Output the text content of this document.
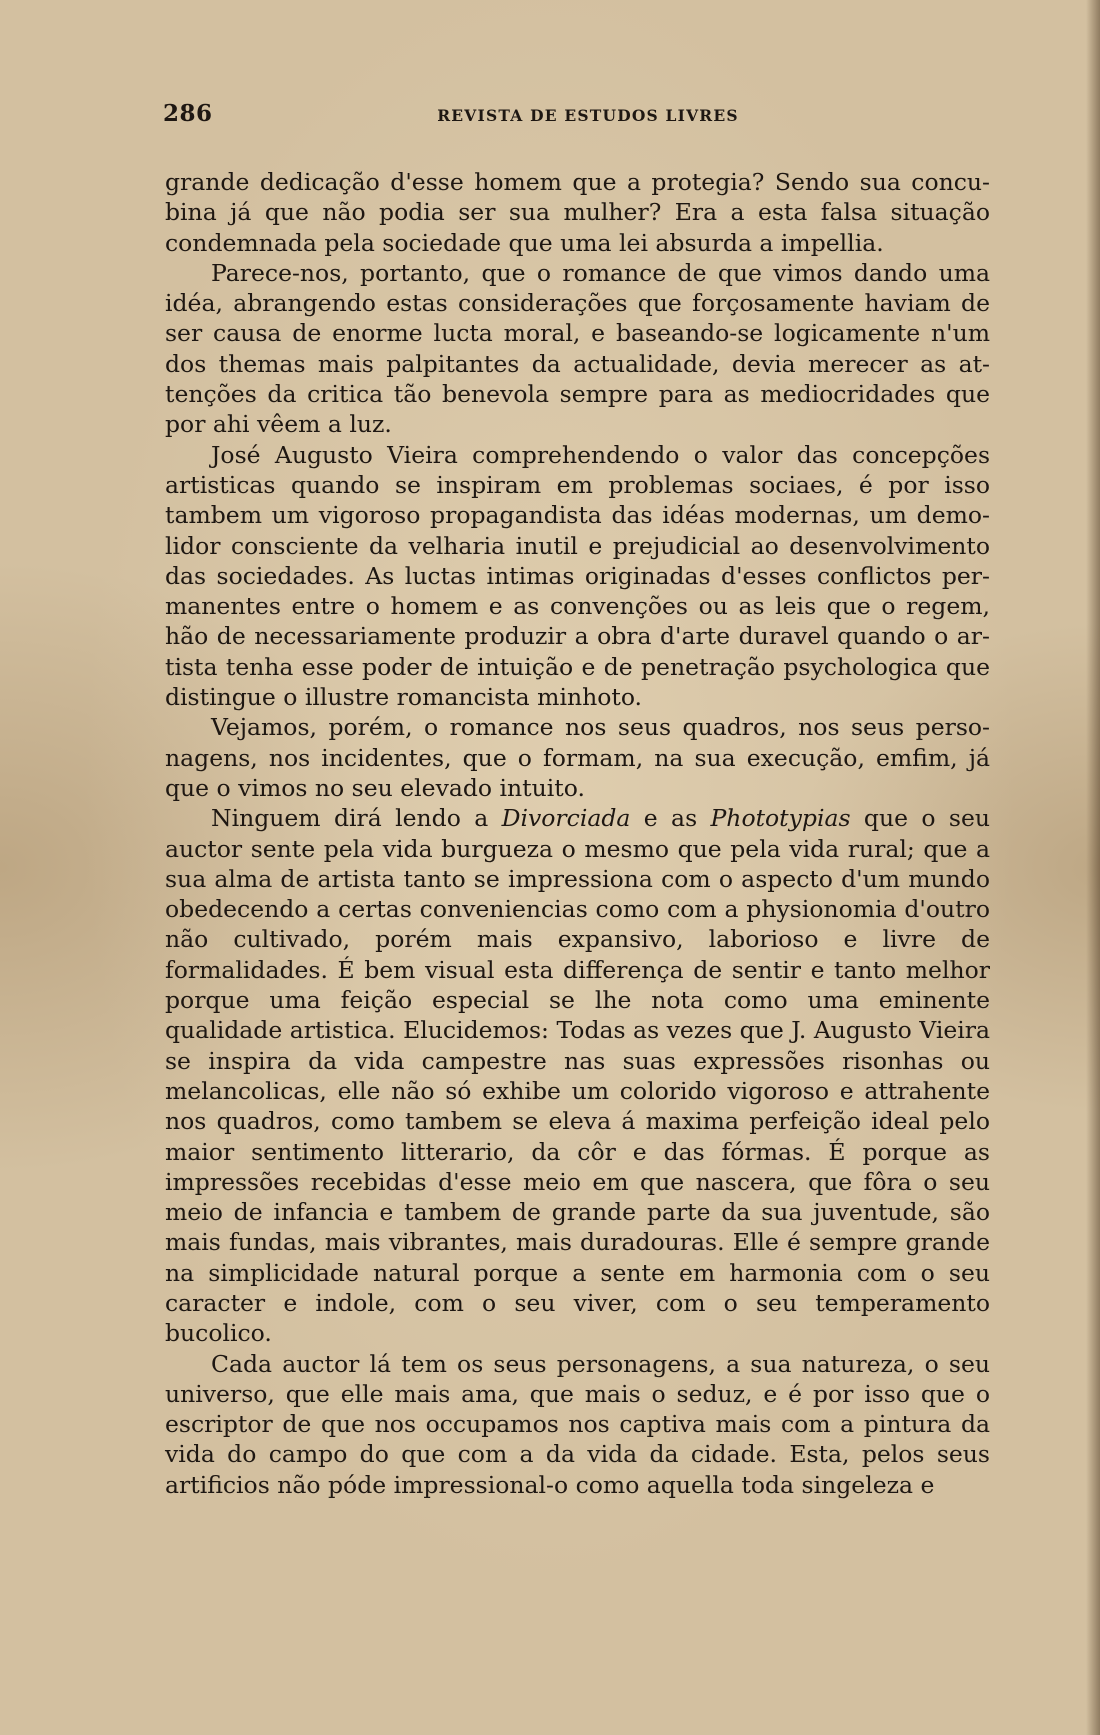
286	REVISTA DE ESTUDOS LIVRES

grande dedicação d'esse homem que a protegia? Sendo sua concubina já que não podia ser sua mulher? Era a esta falsa situação condemnada pela sociedade que uma lei absurda a impellia.

Parece-nos, portanto, que o romance de que vimos dando uma idéa, abrangendo estas considerações que forçosamente haviam de ser causa de enorme lucta moral, e baseando-se logicamente n'um dos themas mais palpitantes da actualidade, devia merecer as attenções da critica tão benevola sempre para as mediocridades que por ahi vêem a luz.

José Augusto Vieira comprehendendo o valor das concepções artisticas quando se inspiram em problemas sociaes, é por isso tambem um vigoroso propagandista das idéas modernas, um demolidor consciente da velharia inutil e prejudicial ao desenvolvimento das sociedades. As luctas intimas originadas d'esses conflictos permanentes entre o homem e as convenções ou as leis que o regem, hão de necessariamente produzir a obra d'arte duravel quando o artista tenha esse poder de intuição e de penetração psychologica que distingue o illustre romancista minhoto.

Vejamos, porém, o romance nos seus quadros, nos seus personagens, nos incidentes, que o formam, na sua execução, emfim, já que o vimos no seu elevado intuito.

Ninguem dirá lendo a Divorciada e as Phototypias que o seu auctor sente pela vida burgueza o mesmo que pela vida rural; que a sua alma de artista tanto se impressiona com o aspecto d'um mundo obedecendo a certas conveniencias como com a physionomia d'outro não cultivado, porém mais expansivo, laborioso e livre de formalidades. É bem visual esta differença de sentir e tanto melhor porque uma feição especial se lhe nota como uma eminente qualidade artistica. Elucidemos: Todas as vezes que J. Augusto Vieira se inspira da vida campestre nas suas expressões risonhas ou melancolicas, elle não só exhibe um colorido vigoroso e attrahente nos quadros, como tambem se eleva á maxima perfeição ideal pelo maior sentimento litterario, da côr e das fórmas. É porque as impressões recebidas d'esse meio em que nascera, que fôra o seu meio de infancia e tambem de grande parte da sua juventude, são mais fundas, mais vibrantes, mais duradouras. Elle é sempre grande na simplicidade natural porque a sente em harmonia com o seu caracter e indole, com o seu viver, com o seu temperamento bucolico.

Cada auctor lá tem os seus personagens, a sua natureza, o seu universo, que elle mais ama, que mais o seduz, e é por isso que o escriptor de que nos occupamos nos captiva mais com a pintura da vida do campo do que com a da vida da cidade. Esta, pelos seus artificios não póde impressional-o como aquella toda singeleza e
